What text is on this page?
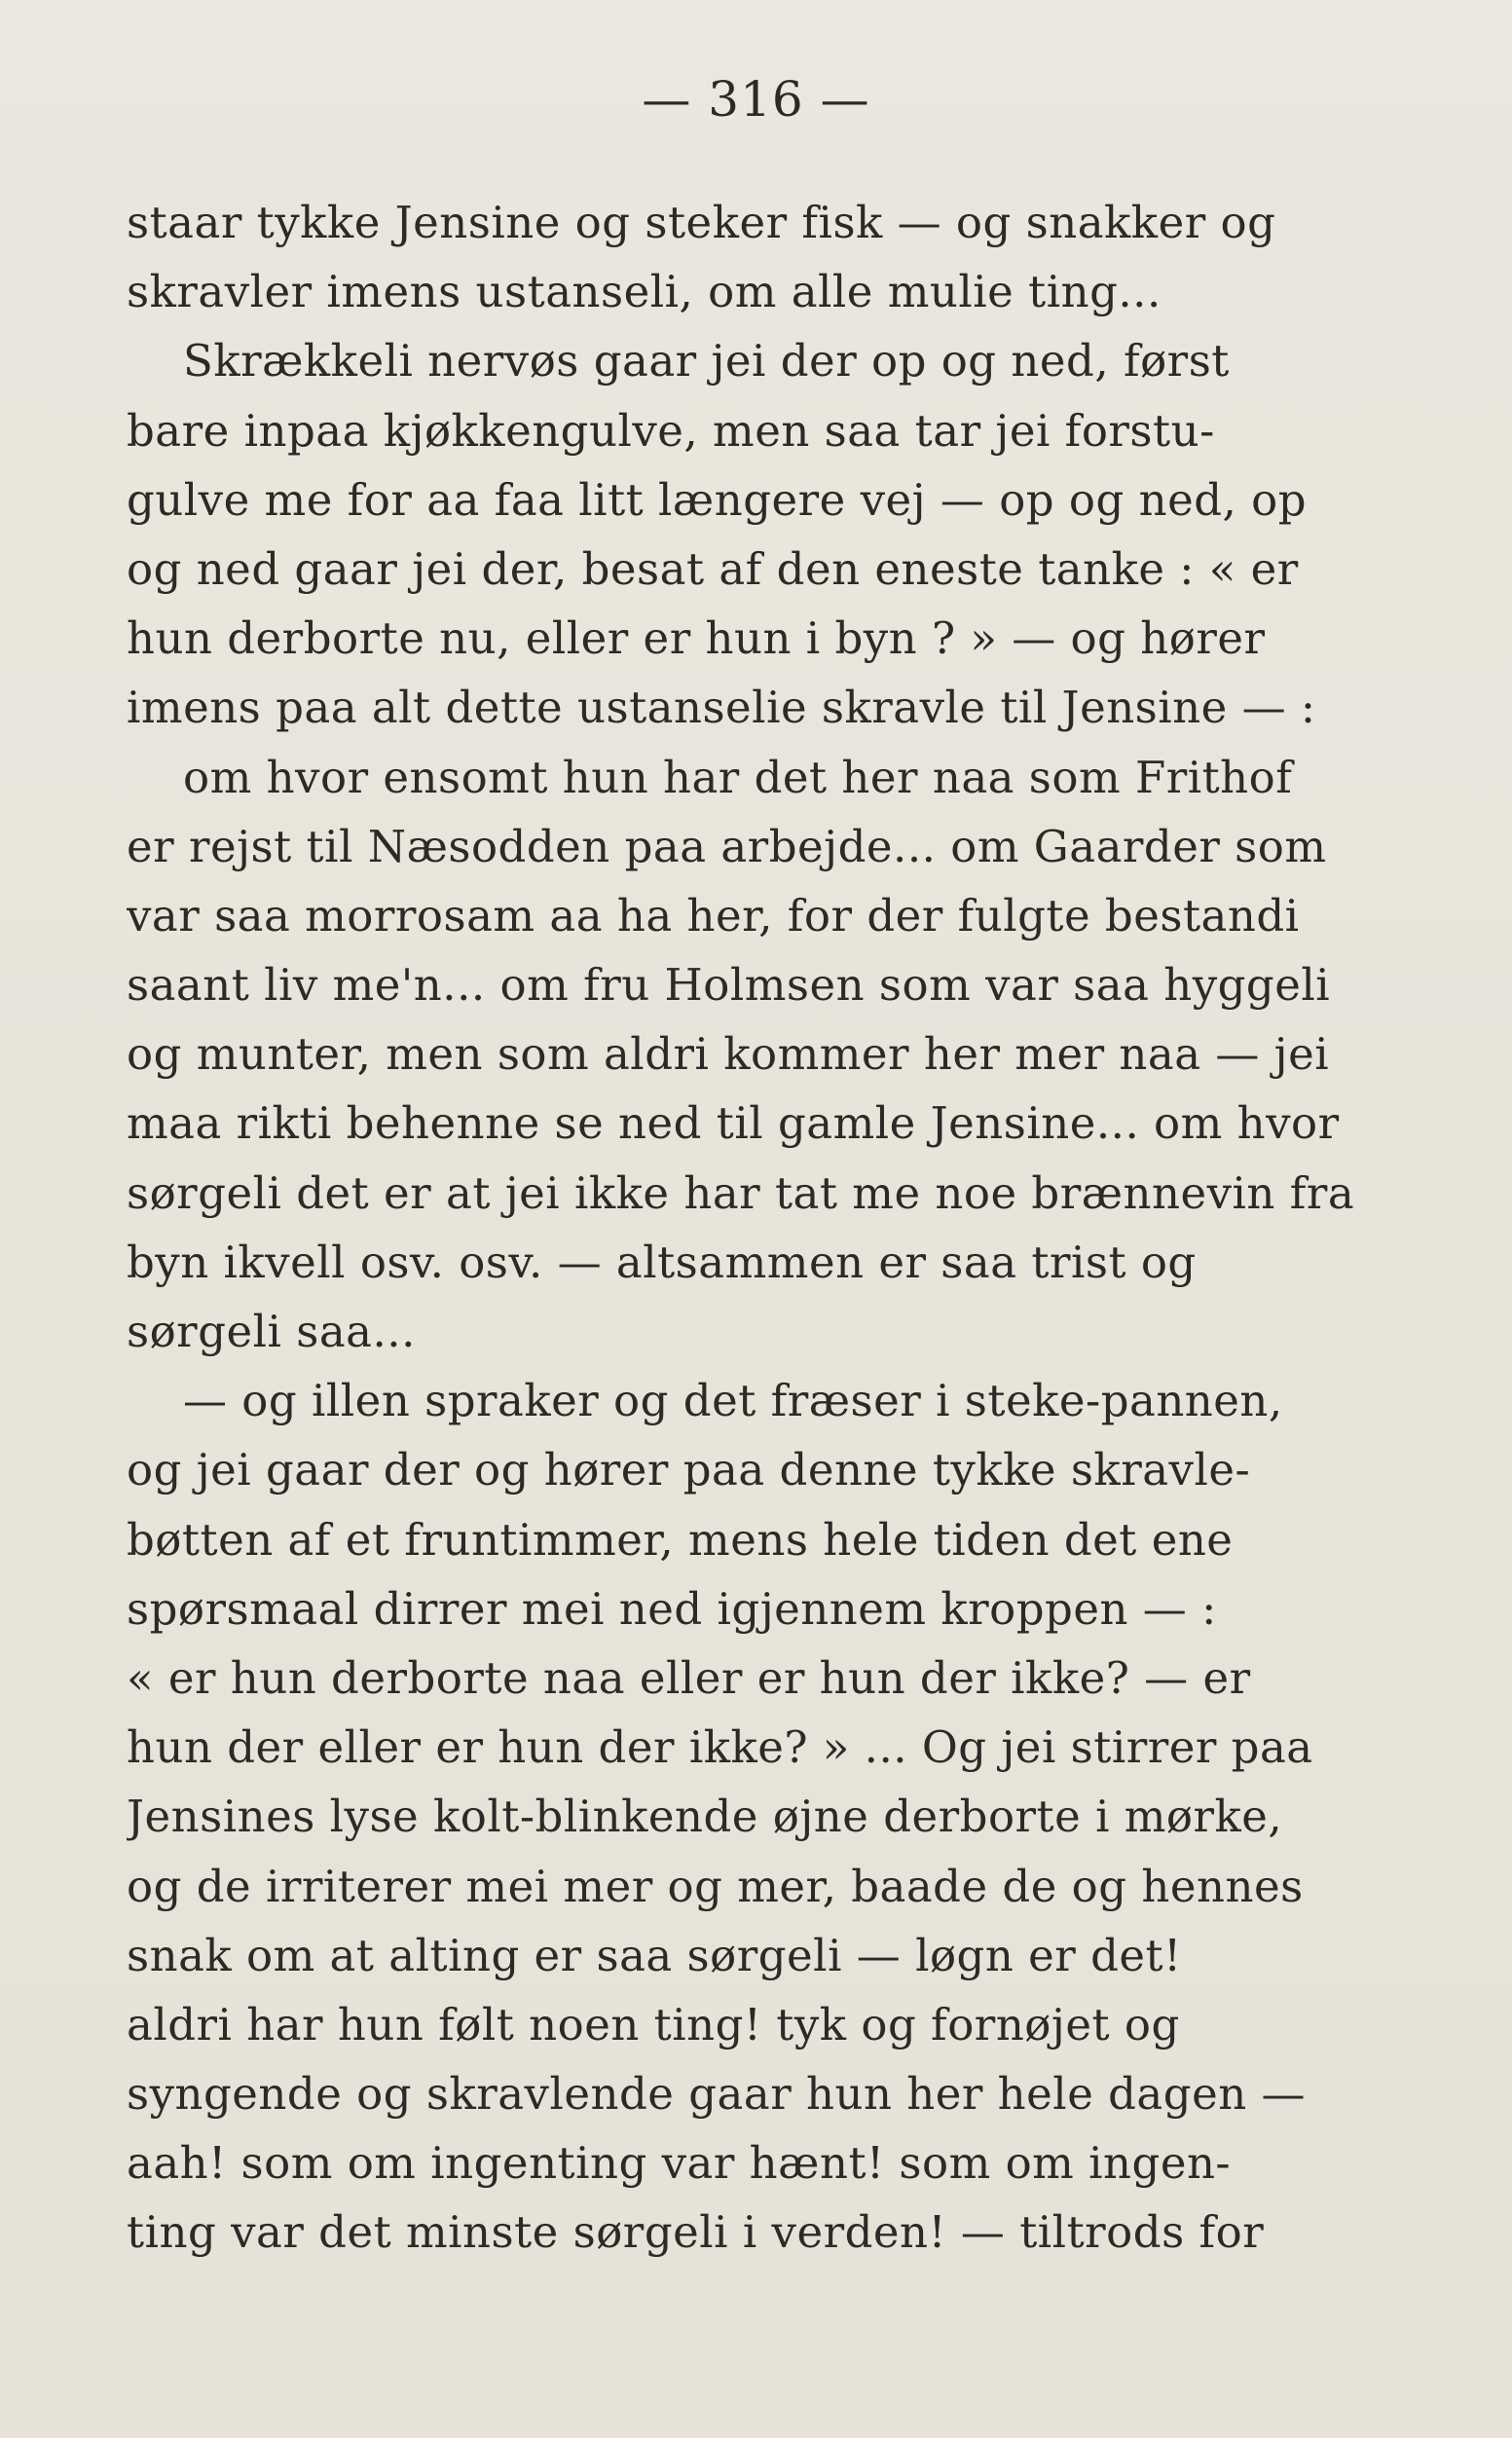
— 316 —
staar tykke Jensine og steker fisk — og snakker og
skravler imens ustanseli, om alle mulie ting...
Skrækkeli nervøs gaar jei der op og ned, først
bare inpaa kjøkkengulve, men saa tar jei forstu-
gulve me for aa faa litt længere vej — op og ned, op
og ned gaar jei der, besat af den eneste tanke : « er
hun derborte nu, eller er hun i byn ? » — og hører
imens paa alt dette ustanselie skravle til Jensine — :
om hvor ensomt hun har det her naa som Frithof
er rejst til Næsodden paa arbejde... om Gaarder som
var saa morrosam aa ha her, for der fulgte bestandi
saant liv me'n... om fru Holmsen som var saa hyggeli
og munter, men som aldri kommer her mer naa — jei
maa rikti behenne se ned til gamle Jensine... om hvor
sørgeli det er at jei ikke har tat me noe brænnevin fra
byn ikvell osv. osv. — altsammen er saa trist og
sørgeli saa...
— og illen spraker og det fræser i steke-pannen,
og jei gaar der og hører paa denne tykke skravle-
bøtten af et fruntimmer, mens hele tiden det ene
spørsmaal dirrer mei ned igjennem kroppen — :
« er hun derborte naa eller er hun der ikke? — er
hun der eller er hun der ikke? » ... Og jei stirrer paa
Jensines lyse kolt-blinkende øjne derborte i mørke,
og de irriterer mei mer og mer, baade de og hennes
snak om at alting er saa sørgeli — løgn er det!
aldri har hun følt noen ting! tyk og fornøjet og
syngende og skravlende gaar hun her hele dagen —
aah! som om ingenting var hænt! som om ingen-
ting var det minste sørgeli i verden! — tiltrods for
